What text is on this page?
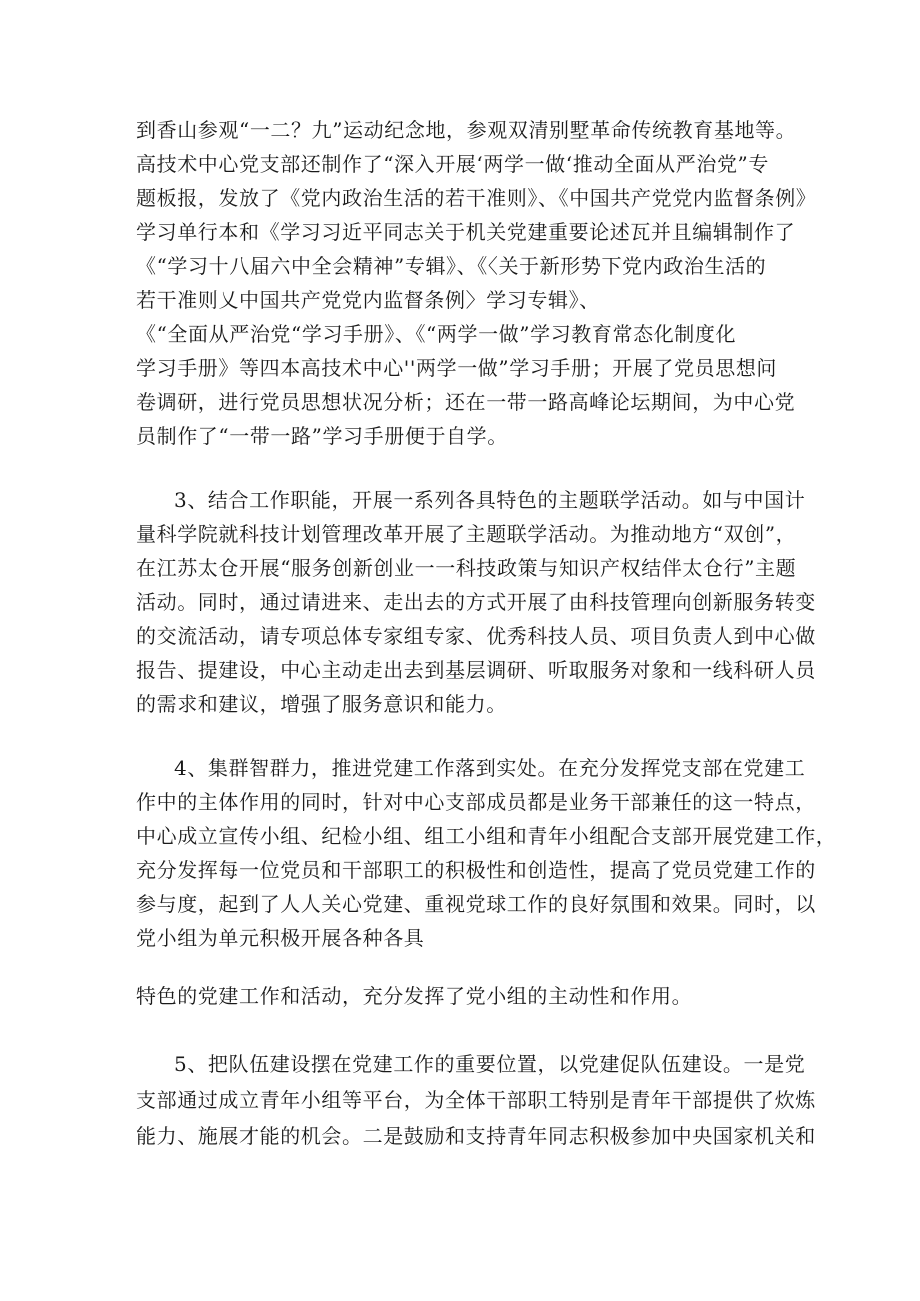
到香山参观“一二？九”运动纪念地，参观双清别墅革命传统教育基地等。
高技术中心党支部还制作了“深入开展‘两学一做‘推动全面从严治党”专
题板报，发放了《党内政治生活的若干准则》、《中国共产党党内监督条例》
学习单行本和《学习习近平同志关于机关党建重要论述瓦并且编辑制作了
《“学习十八届六中全会精神”专辑》、《〈关于新形势下党内政治生活的
若干准则乂中国共产党党内监督条例〉学习专辑》、
《“全面从严治党“学习手册》、《“两学一做”学习教育常态化制度化
学习手册》等四本高技术中心''两学一做”学习手册；开展了党员思想问
卷调研，进行党员思想状况分析；还在一带一路高峰论坛期间，为中心党
员制作了“一带一路”学习手册便于自学。
3、结合工作职能，开展一系列各具特色的主题联学活动。如与中国计
量科学院就科技计划管理改革开展了主题联学活动。为推动地方“双创”，
在江苏太仓开展“服务创新创业一一科技政策与知识产权结伴太仓行”主题
活动。同时，通过请进来、走出去的方式开展了由科技管理向创新服务转变
的交流活动，请专项总体专家组专家、优秀科技人员、项目负责人到中心做
报告、提建设，中心主动走出去到基层调研、听取服务对象和一线科研人员
的需求和建议，增强了服务意识和能力。
4、集群智群力，推进党建工作落到实处。在充分发挥党支部在党建工
作中的主体作用的同时，针对中心支部成员都是业务干部兼任的这一特点，
中心成立宣传小组、纪检小组、组工小组和青年小组配合支部开展党建工作，
充分发挥每一位党员和干部职工的积极性和创造性，提高了党员党建工作的
参与度，起到了人人关心党建、重视党球工作的良好氛围和效果。同时，以
党小组为单元积极开展各种各具
特色的党建工作和活动，充分发挥了党小组的主动性和作用。
5、把队伍建设摆在党建工作的重要位置，以党建促队伍建设。一是党
支部通过成立青年小组等平台，为全体干部职工特别是青年干部提供了炊炼
能力、施展才能的机会。二是鼓励和支持青年同志积极参加中央国家机关和
